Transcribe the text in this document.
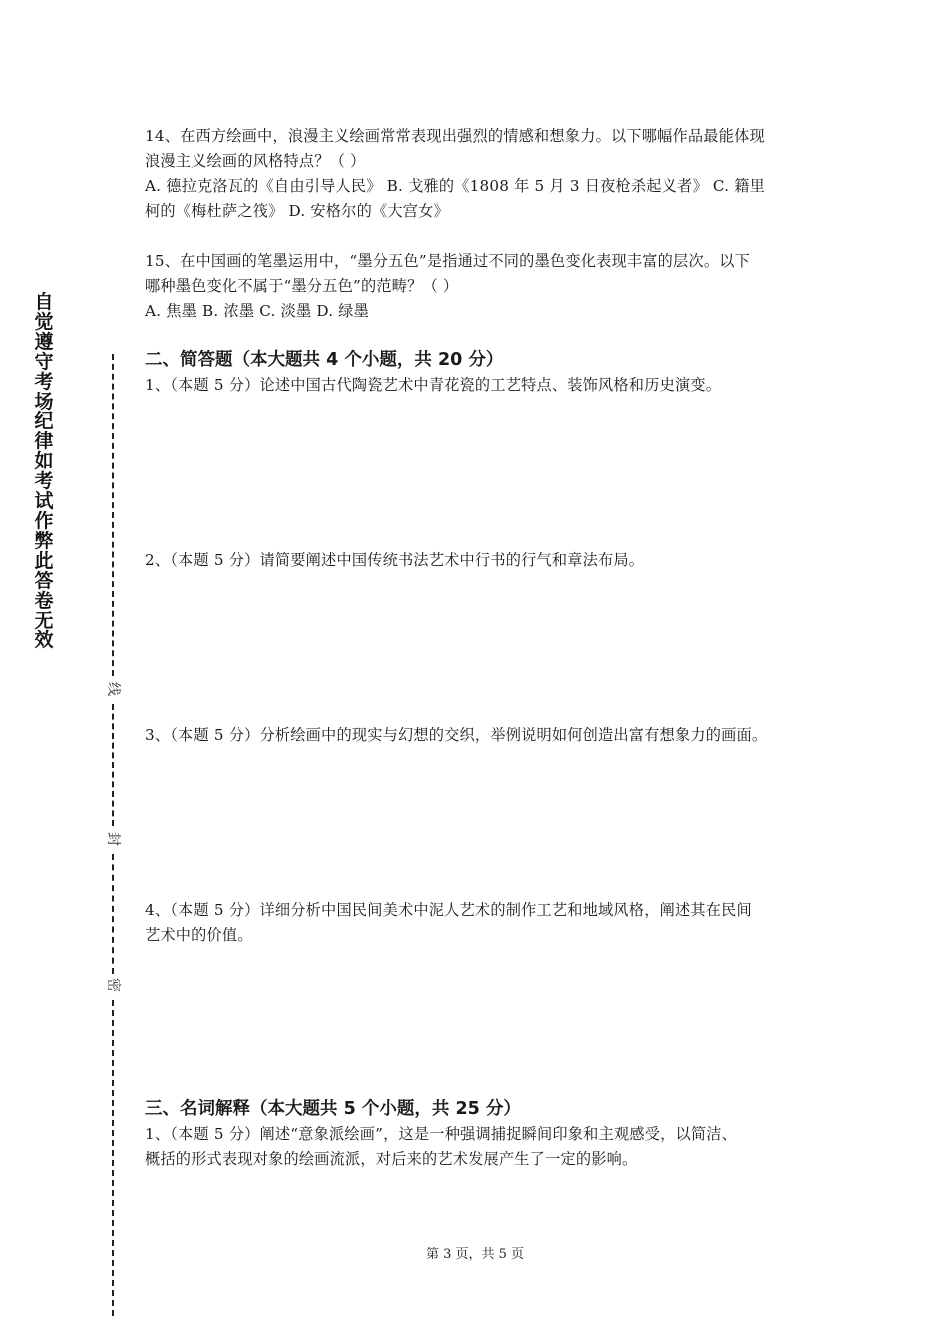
自
觉
遵
守
考
场
纪
律
如
考
试
作
弊
此
答
卷
无
效
线
封
密
14、在西方绘画中，浪漫主义绘画常常表现出强烈的情感和想象力。以下哪幅作品最能体现
浪漫主义绘画的风格特点？（ ）
A. 德拉克洛瓦的《自由引导人民》 B. 戈雅的《1808 年 5 月 3 日夜枪杀起义者》 C. 籍里
柯的《梅杜萨之筏》 D. 安格尔的《大宫女》
15、在中国画的笔墨运用中，“墨分五色”是指通过不同的墨色变化表现丰富的层次。以下
哪种墨色变化不属于“墨分五色”的范畴？（ ）
A. 焦墨 B. 浓墨 C. 淡墨 D. 绿墨
二、简答题（本大题共 4 个小题，共 20 分）
1、（本题 5 分）论述中国古代陶瓷艺术中青花瓷的工艺特点、装饰风格和历史演变。
2、（本题 5 分）请简要阐述中国传统书法艺术中行书的行气和章法布局。
3、（本题 5 分）分析绘画中的现实与幻想的交织，举例说明如何创造出富有想象力的画面。
4、（本题 5 分）详细分析中国民间美术中泥人艺术的制作工艺和地域风格，阐述其在民间
艺术中的价值。
三、名词解释（本大题共 5 个小题，共 25 分）
1、（本题 5 分）阐述“意象派绘画”，这是一种强调捕捉瞬间印象和主观感受，以简洁、
概括的形式表现对象的绘画流派，对后来的艺术发展产生了一定的影响。
第 3 页，共 5 页
